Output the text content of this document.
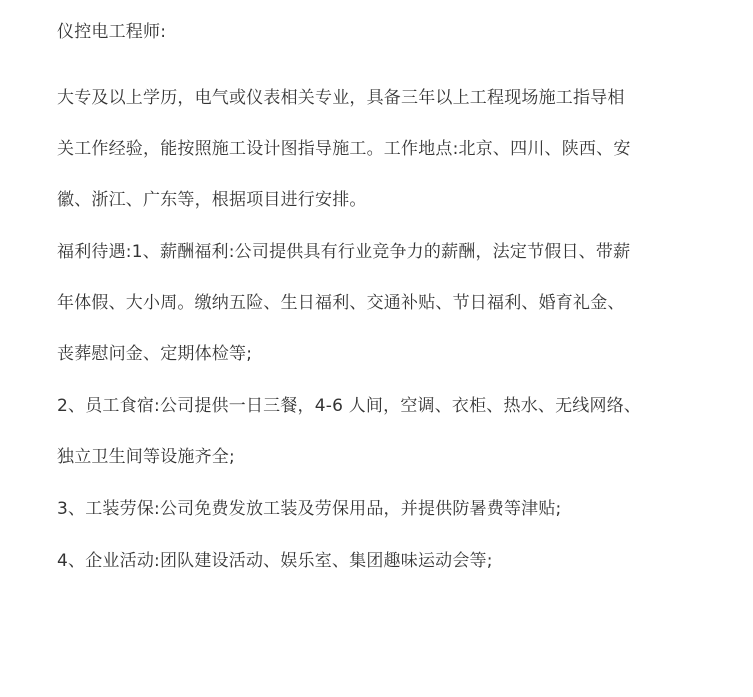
仪控电工程师:

大专及以上学历，电气或仪表相关专业，具备三年以上工程现场施工指导相

关工作经验，能按照施工设计图指导施工。工作地点:北京、四川、陕西、安

徽、浙江、广东等，根据项目进行安排。

福利待遇:1、薪酬福利:公司提供具有行业竞争力的薪酬，法定节假日、带薪

年体假、大小周。缴纳五险、生日福利、交通补贴、节日福利、婚育礼金、

丧葬慰问金、定期体检等;

2、员工食宿:公司提供一日三餐，4-6 人间，空调、衣柜、热水、无线网络、

独立卫生间等设施齐全;

3、工装劳保:公司免费发放工装及劳保用品，并提供防暑费等津贴;

4、企业活动:团队建设活动、娱乐室、集团趣味运动会等;
